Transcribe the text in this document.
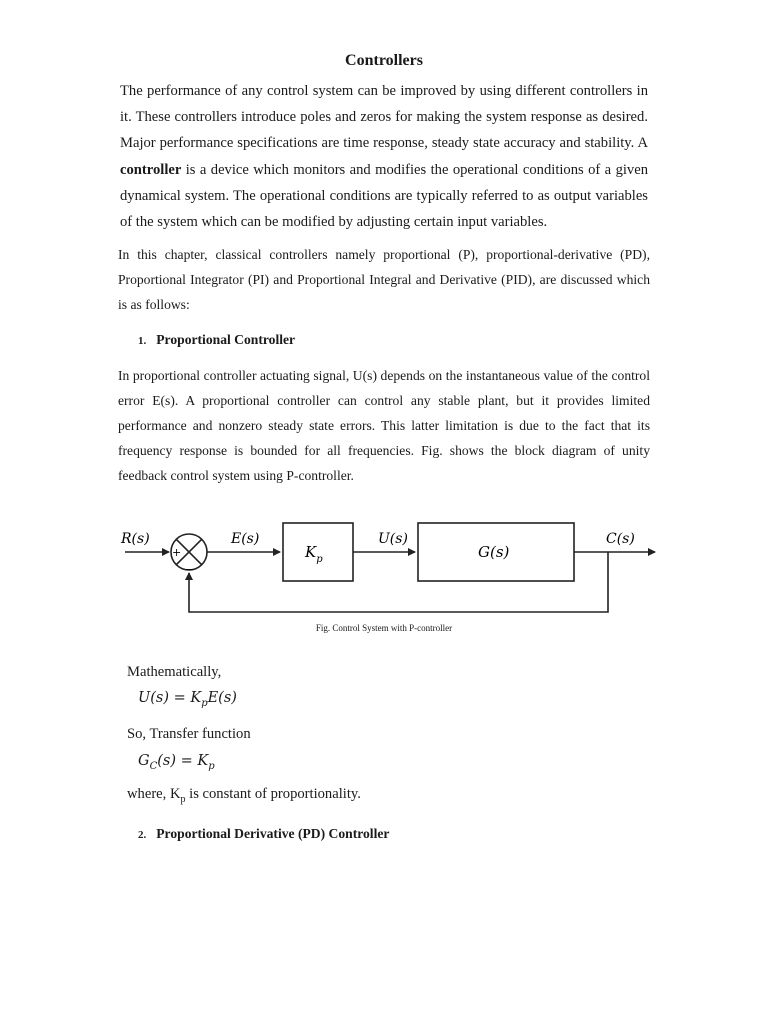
Controllers
The performance of any control system can be improved by using different controllers in it. These controllers introduce poles and zeros for making the system response as desired. Major performance specifications are time response, steady state accuracy and stability. A controller is a device which monitors and modifies the operational conditions of a given dynamical system. The operational conditions are typically referred to as output variables of the system which can be modified by adjusting certain input variables.
In this chapter, classical controllers namely proportional (P), proportional-derivative (PD), Proportional Integrator (PI) and Proportional Integral and Derivative (PID), are discussed which is as follows:
1. Proportional Controller
In proportional controller actuating signal, U(s) depends on the instantaneous value of the control error E(s). A proportional controller can control any stable plant, but it provides limited performance and nonzero steady state errors. This latter limitation is due to the fact that its frequency response is bounded for all frequencies. Fig. shows the block diagram of unity feedback control system using P-controller.
+
−
R(s)	E(s)
$K_p$
U(s)
G(s)
C(s)
Fig. Control System with P-controller
Mathematically,
$U(s) = K_pE(s)$
So, Transfer function
$G_C(s) = K_p$
where, $K_p$ is constant of proportionality.
2. Proportional Derivative (PD) Controller
